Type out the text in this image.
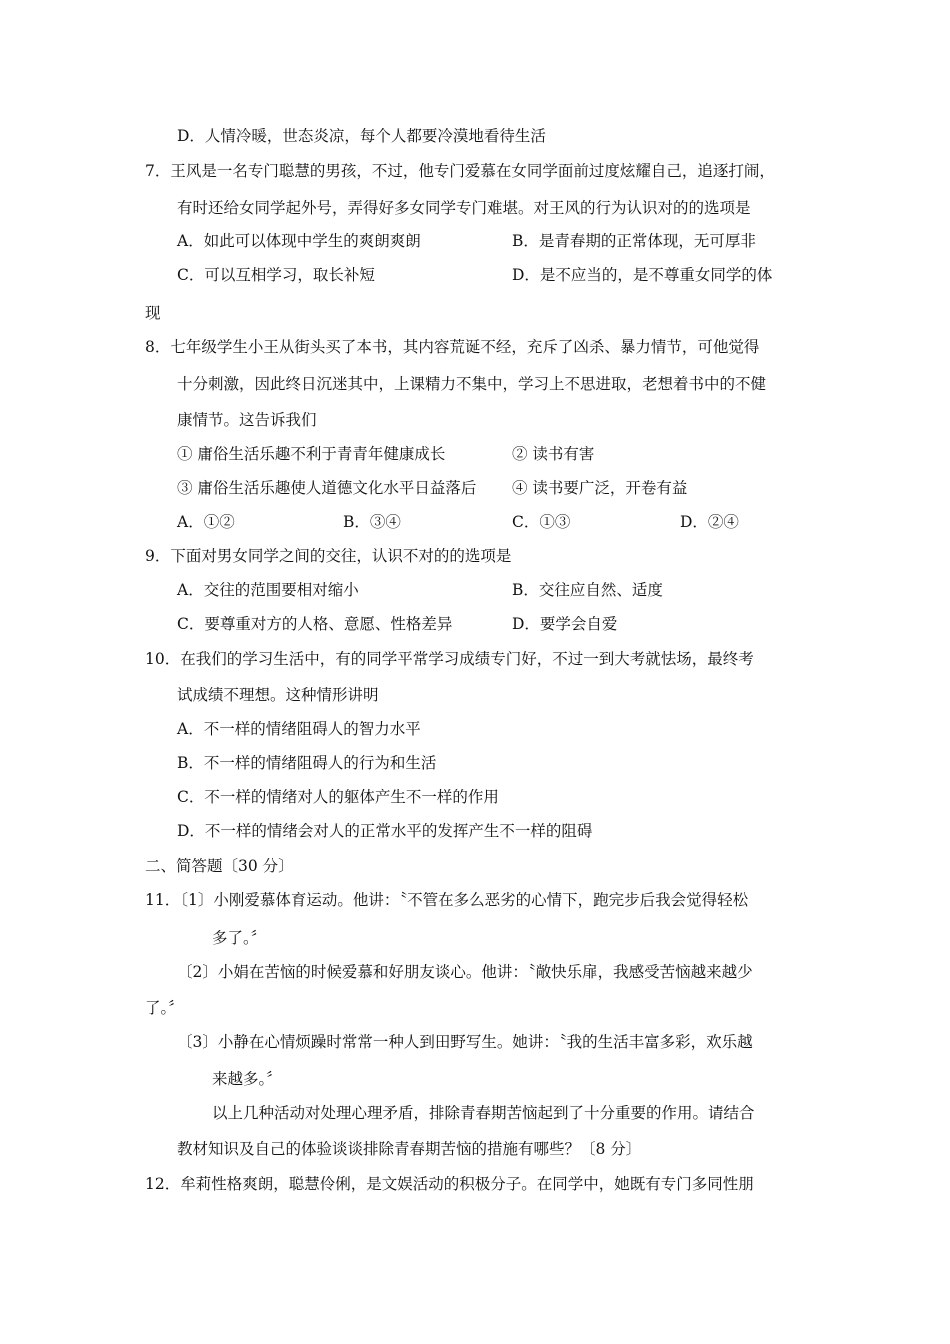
D．人情冷暖，世态炎凉，每个人都要冷漠地看待生活
7．王风是一名专门聪慧的男孩，不过，他专门爱慕在女同学面前过度炫耀自己，追逐打闹，
有时还给女同学起外号，弄得好多女同学专门难堪。对王风的行为认识对的的选项是
A．如此可以体现中学生的爽朗爽朗	B．是青春期的正常体现，无可厚非
C．可以互相学习，取长补短	D．是不应当的，是不尊重女同学的体
现
8．七年级学生小王从街头买了本书，其内容荒诞不经，充斥了凶杀、暴力情节，可他觉得
十分刺激，因此终日沉迷其中，上课精力不集中，学习上不思进取，老想着书中的不健
康情节。这告诉我们
① 庸俗生活乐趣不利于青青年健康成长	② 读书有害
③ 庸俗生活乐趣使人道德文化水平日益落后 ④ 读书要广泛，开卷有益
A．①②	B．③④	C．①③	D．②④
9．下面对男女同学之间的交往，认识不对的的选项是
A．交往的范围要相对缩小	B．交往应自然、适度
C．要尊重对方的人格、意愿、性格差异	D．要学会自爱
10．在我们的学习生活中，有的同学平常学习成绩专门好，不过一到大考就怯场，最终考
试成绩不理想。这种情形讲明
A．不一样的情绪阻碍人的智力水平
B．不一样的情绪阻碍人的行为和生活
C．不一样的情绪对人的躯体产生不一样的作用
D．不一样的情绪会对人的正常水平的发挥产生不一样的阻碍
二、简答题〔30 分〕
11．〔1〕小刚爱慕体育运动。他讲：〝不管在多么恶劣的心情下，跑完步后我会觉得轻松
多了。〞
〔2〕小娟在苦恼的时候爱慕和好朋友谈心。他讲：〝敞快乐扉，我感受苦恼越来越少
了。〞
〔3〕小静在心情烦躁时常常一种人到田野写生。她讲：〝我的生活丰富多彩，欢乐越
来越多。〞
以上几种活动对处理心理矛盾，排除青春期苦恼起到了十分重要的作用。请结合
教材知识及自己的体验谈谈排除青春期苦恼的措施有哪些？〔8 分〕
12．牟莉性格爽朗，聪慧伶俐，是文娱活动的积极分子。在同学中，她既有专门多同性朋
